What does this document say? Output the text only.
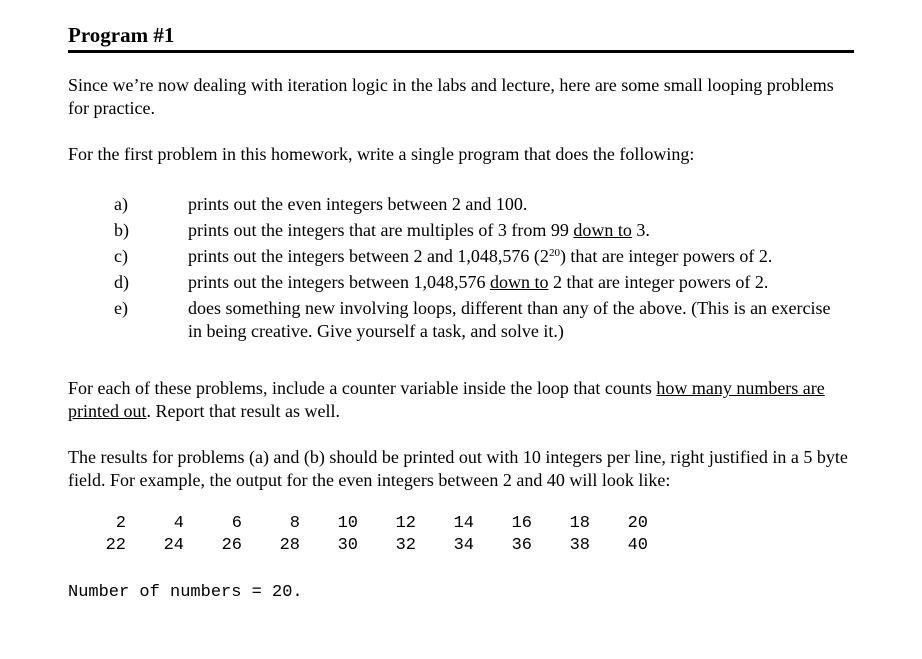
Program #1
Since we’re now dealing with iteration logic in the labs and lecture, here are some small looping problems for practice.
For the first problem in this homework, write a single program that does the following:
a)	prints out the even integers between 2 and 100.
b)	prints out the integers that are multiples of 3 from 99 down to 3.
c)	prints out the integers between 2 and 1,048,576 $(2^{20})$ that are integer powers of 2.
d)	prints out the integers between 1,048,576 down to 2 that are integer powers of 2.
e)	does something new involving loops, different than any of the above. (This is an exercise in being creative. Give yourself a task, and solve it.)
For each of these problems, include a counter variable inside the loop that counts how many numbers are printed out. Report that result as well.
The results for problems (a) and (b) should be printed out with 10 integers per line, right justified in a 5 byte field. For example, the output for the even integers between 2 and 40 will look like:
2	4	6	8	10	12	14	16	18	20
22	24	26	28	30	32	34	36	38	40
Number of numbers = 20.
